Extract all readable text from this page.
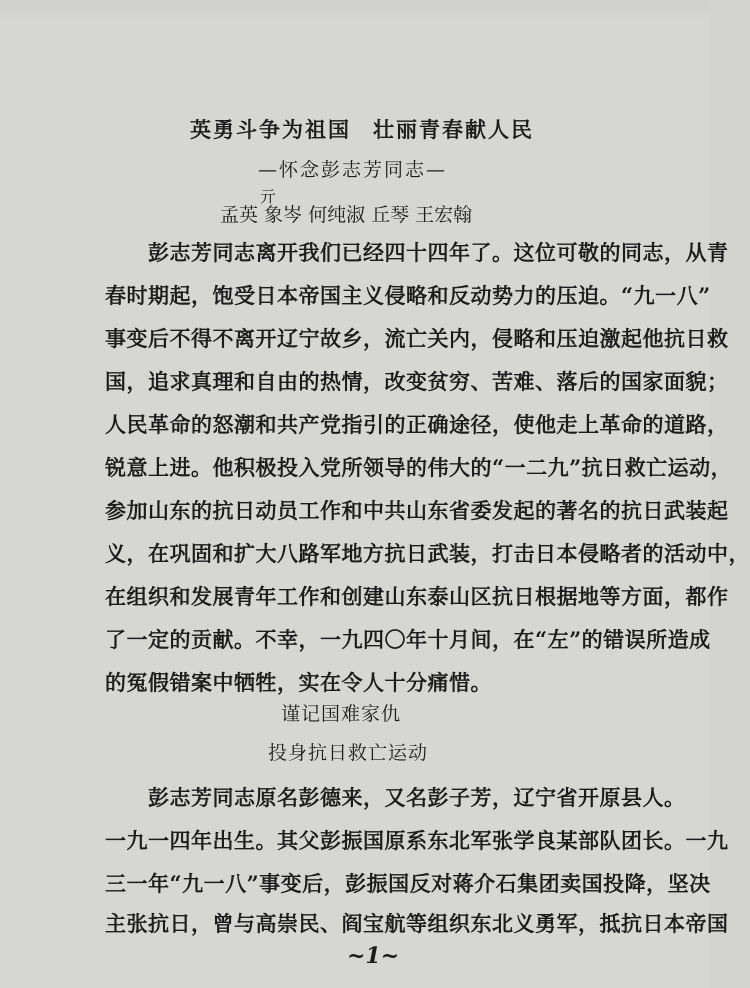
英勇斗争为祖国 壮丽青春献人民
—怀念彭志芳同志—
亓
孟英 象岑 何纯淑 丘琴 王宏翰
彭志芳同志离开我们已经四十四年了。这位可敬的同志，从青
春时期起，饱受日本帝国主义侵略和反动势力的压迫。“九一八”
事变后不得不离开辽宁故乡，流亡关内，侵略和压迫激起他抗日救
国，追求真理和自由的热情，改变贫穷、苦难、落后的国家面貌；
人民革命的怒潮和共产党指引的正确途径，使他走上革命的道路，
锐意上进。他积极投入党所领导的伟大的“一二九”抗日救亡运动，
参加山东的抗日动员工作和中共山东省委发起的著名的抗日武装起
义，在巩固和扩大八路军地方抗日武装，打击日本侵略者的活动中，
在组织和发展青年工作和创建山东泰山区抗日根据地等方面，都作
了一定的贡献。不幸，一九四〇年十月间，在“左”的错误所造成
的冤假错案中牺牲，实在令人十分痛惜。
谨记国难家仇
投身抗日救亡运动
彭志芳同志原名彭德来，又名彭子芳，辽宁省开原县人。
一九一四年出生。其父彭振国原系东北军张学良某部队团长。一九
三一年“九一八”事变后，彭振国反对蒋介石集团卖国投降，坚决
主张抗日，曾与高崇民、阎宝航等组织东北义勇军，抵抗日本帝国
~1~
